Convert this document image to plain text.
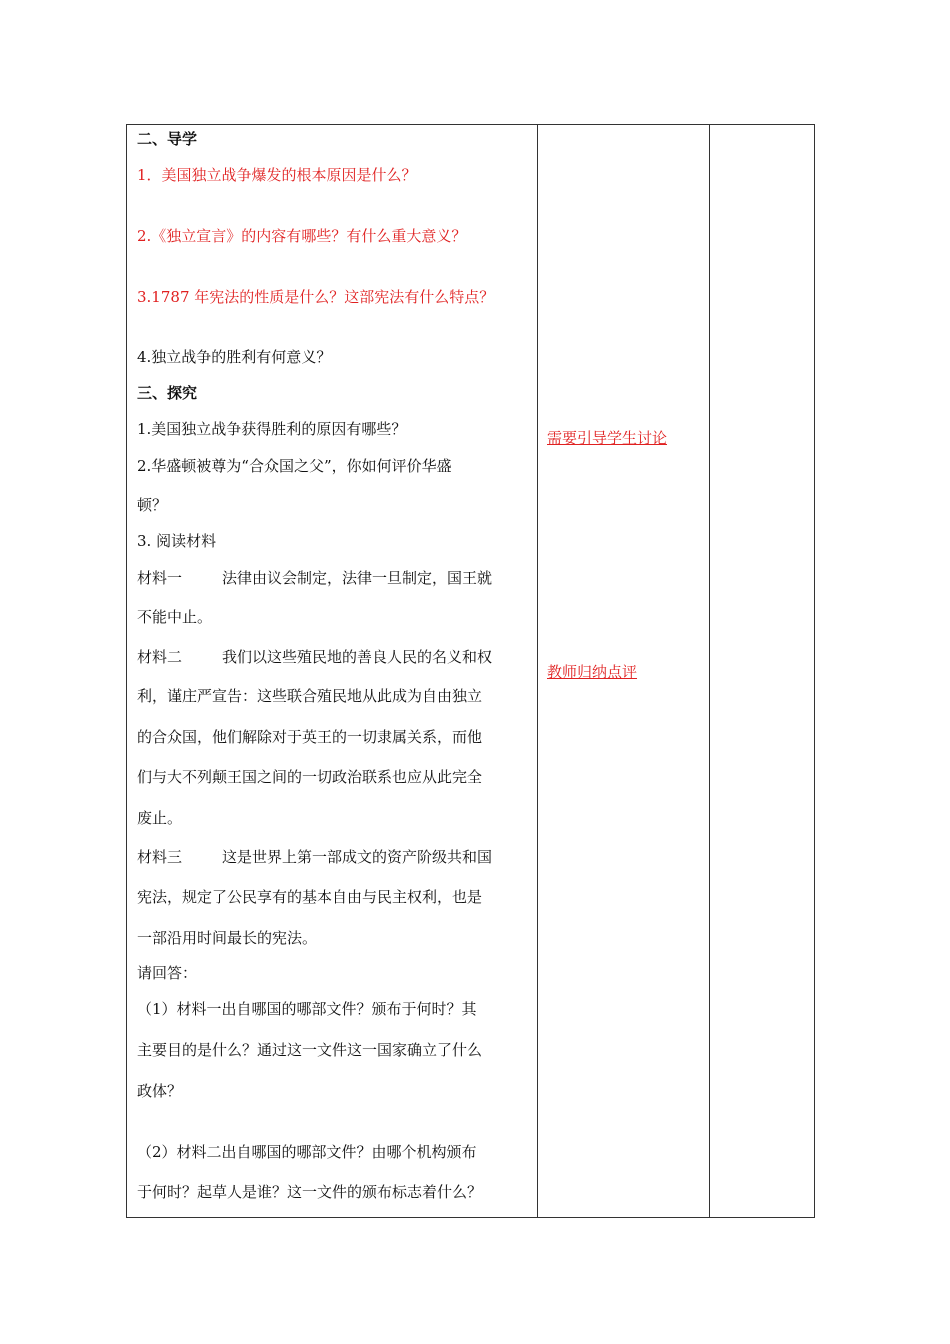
二、导学
1．美国独立战争爆发的根本原因是什么？
2.《独立宣言》的内容有哪些？有什么重大意义？
3.1787 年宪法的性质是什么？这部宪法有什么特点？
4.独立战争的胜利有何意义？
三、探究
1.美国独立战争获得胜利的原因有哪些？
2.华盛顿被尊为“合众国之父”，你如何评价华盛
顿？
3. 阅读材料
材料一	法律由议会制定，法律一旦制定，国王就
不能中止。
材料二	我们以这些殖民地的善良人民的名义和权
利，谨庄严宣告：这些联合殖民地从此成为自由独立
的合众国，他们解除对于英王的一切隶属关系，而他
们与大不列颠王国之间的一切政治联系也应从此完全
废止。
材料三	这是世界上第一部成文的资产阶级共和国
宪法，规定了公民享有的基本自由与民主权利，也是
一部沿用时间最长的宪法。
请回答：
（1）材料一出自哪国的哪部文件？颁布于何时？其
主要目的是什么？通过这一文件这一国家确立了什么
政体？
（2）材料二出自哪国的哪部文件？由哪个机构颁布
于何时？起草人是谁？这一文件的颁布标志着什么？
需要引导学生讨论
教师归纳点评
